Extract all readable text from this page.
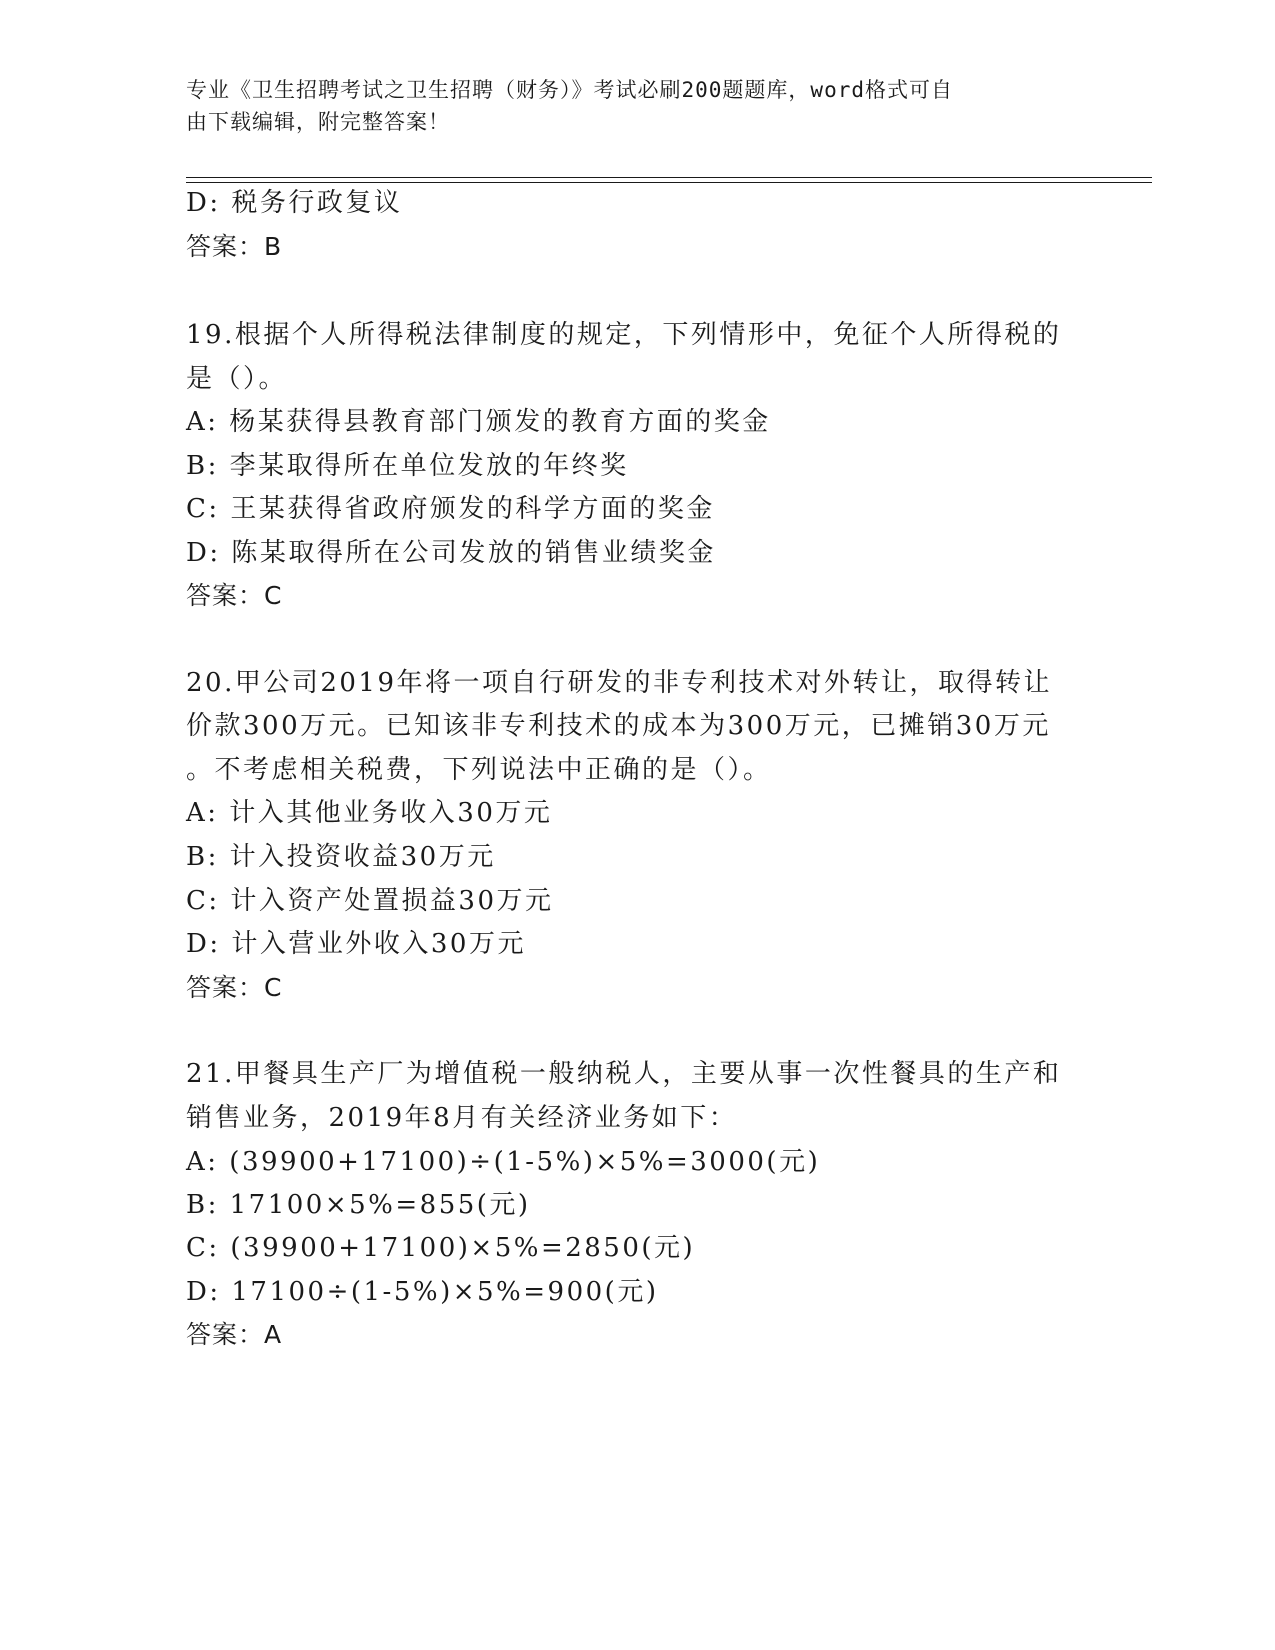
专业《卫生招聘考试之卫生招聘（财务）》考试必刷200题题库，word格式可自
由下载编辑，附完整答案！
D: 税务行政复议
答案：B
19.根据个人所得税法律制度的规定，下列情形中，免征个人所得税的
是（）。
A: 杨某获得县教育部门颁发的教育方面的奖金
B: 李某取得所在单位发放的年终奖
C: 王某获得省政府颁发的科学方面的奖金
D: 陈某取得所在公司发放的销售业绩奖金
答案：C
20.甲公司2019年将一项自行研发的非专利技术对外转让，取得转让
价款300万元。已知该非专利技术的成本为300万元，已摊销30万元
。不考虑相关税费，下列说法中正确的是（）。
A: 计入其他业务收入30万元
B: 计入投资收益30万元
C: 计入资产处置损益30万元
D: 计入营业外收入30万元
答案：C
21.甲餐具生产厂为增值税一般纳税人，主要从事一次性餐具的生产和
销售业务，2019年8月有关经济业务如下：
A: (39900+17100)÷(1-5%)×5%=3000(元)
B: 17100×5%=855(元)
C: (39900+17100)×5%=2850(元)
D: 17100÷(1-5%)×5%=900(元)
答案：A
